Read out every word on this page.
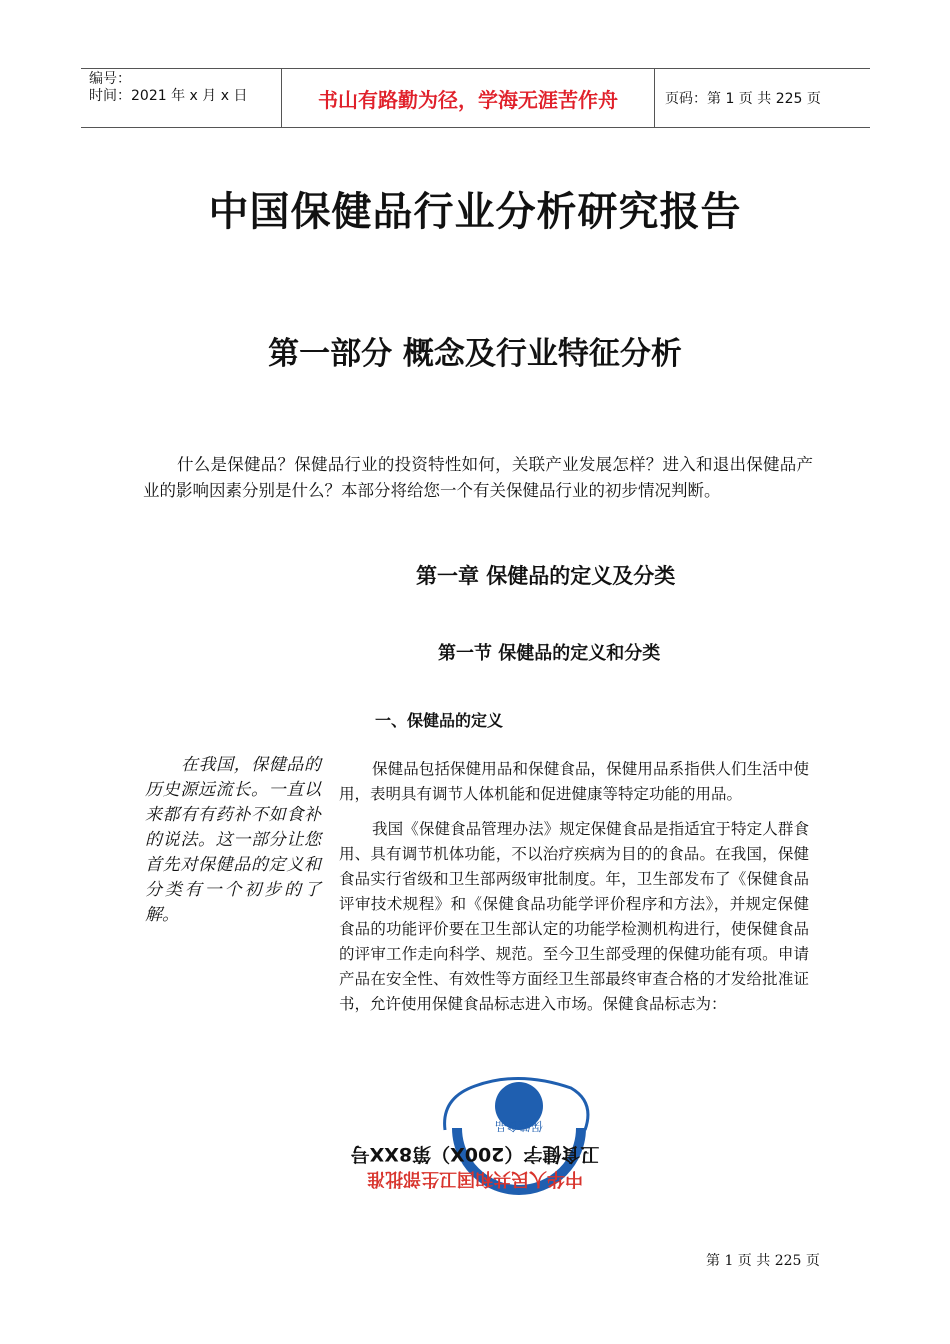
编号：
时间：2021 年 x 月 x 日	书山有路勤为径，学海无涯苦作舟	页码：第 1 页 共 225 页
中国保健品行业分析研究报告
第一部分 概念及行业特征分析
什么是保健品？保健品行业的投资特性如何，关联产业发展怎样？进入和退出保健品产业的影响因素分别是什么？本部分将给您一个有关保健品行业的初步情况判断。
第一章 保健品的定义及分类
第一节 保健品的定义和分类
一、保健品的定义
在我国，保健品的历史源远流长。一直以来都有有药补不如食补的说法。这一部分让您首先对保健品的定义和分类有一个初步的了解。

保健品包括保健用品和保健食品，保健用品系指供人们生活中使用，表明具有调节人体机能和促进健康等特定功能的用品。

我国《保健食品管理办法》规定保健食品是指适宜于特定人群食用、具有调节机体功能，不以治疗疾病为目的的食品。在我国，保健食品实行省级和卫生部两级审批制度。年，卫生部发布了《保健食品评审技术规程》和《保健食品功能学评价程序和方法》，并规定保健食品的功能评价要在卫生部认定的功能学检测机构进行，使保健食品的评审工作走向科学、规范。至今卫生部受理的保健功能有项。申请产品在安全性、有效性等方面经卫生部最终审查合格的才发给批准证书，允许使用保健食品标志进入市场。保健食品标志为：

保健食品
卫食健字（200X）第8XX号
中华人民共和国卫生部批准
第 1 页 共 225 页
